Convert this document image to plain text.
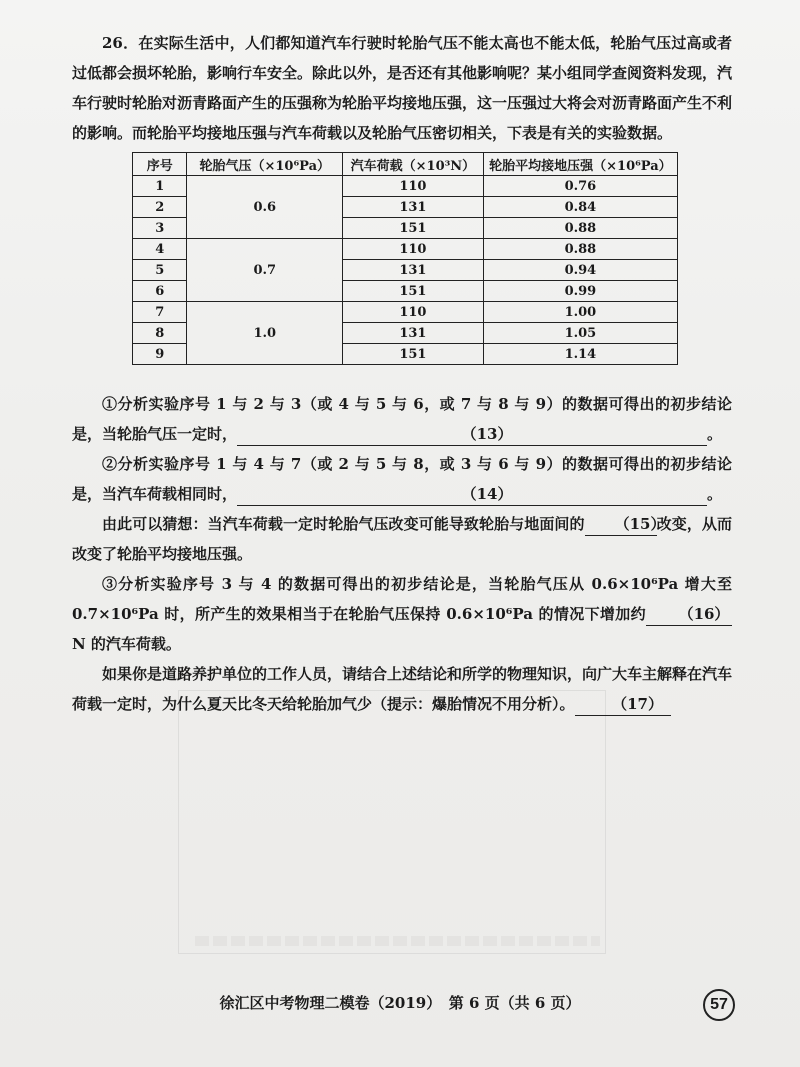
26．在实际生活中，人们都知道汽车行驶时轮胎气压不能太高也不能太低，轮胎气压过高或者过低都会损坏轮胎，影响行车安全。除此以外，是否还有其他影响呢？某小组同学查阅资料发现，汽车行驶时轮胎对沥青路面产生的压强称为轮胎平均接地压强，这一压强过大将会对沥青路面产生不利的影响。而轮胎平均接地压强与汽车荷载以及轮胎气压密切相关，下表是有关的实验数据。

序号	轮胎气压（×10⁶Pa）	汽车荷载（×10³N）	轮胎平均接地压强（×10⁶Pa）
1	0.6	110	0.76
2		131	0.84
3		151	0.88
4	0.7	110	0.88
5		131	0.94
6		151	0.99
7	1.0	110	1.00
8		131	1.05
9		151	1.14

①分析实验序号 1 与 2 与 3（或 4 与 5 与 6，或 7 与 8 与 9）的数据可得出的初步结论是，当轮胎气压一定时，	（13）	。

②分析实验序号 1 与 4 与 7（或 2 与 5 与 8，或 3 与 6 与 9）的数据可得出的初步结论是，当汽车荷载相同时，	（14）	。

由此可以猜想：当汽车荷载一定时轮胎气压改变可能导致轮胎与地面间的 （15）改变，从而改变了轮胎平均接地压强。

③分析实验序号 3 与 4 的数据可得出的初步结论是，当轮胎气压从 0.6×10⁶Pa 增大至 0.7×10⁶Pa 时，所产生的效果相当于在轮胎气压保持 0.6×10⁶Pa 的情况下增加约 （16）N 的汽车荷载。

如果你是道路养护单位的工作人员，请结合上述结论和所学的物理知识，向广大车主解释在汽车荷载一定时，为什么夏天比冬天给轮胎加气少（提示：爆胎情况不用分析）。	（17）

徐汇区中考物理二模卷（2019）　第 6 页（共 6 页）	57
